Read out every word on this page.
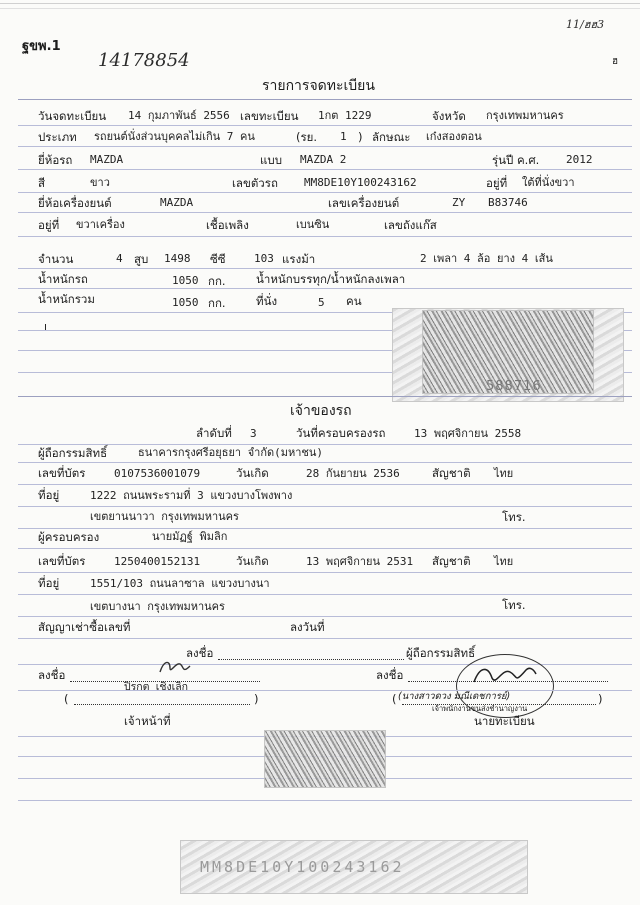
ฐขพ.1
14178854
11/ฮฮ3
ฮ
รายการจดทะเบียน
วันจดทะเบียน 14 กุมภาพันธ์ 2556 เลขทะเบียน 1กต 1229	จังหวัด กรุงเทพมหานคร
ประเภท รถยนต์นั่งส่วนบุคคลไม่เกิน 7 คน	(รย. 1 ) ลักษณะ เก๋งสองตอน
ยี่ห้อรถ MAZDA	แบบ MAZDA 2	รุ่นปี ค.ศ. 2012
สี	ขาว	เลขตัวรถ MM8DE10Y100243162	อยู่ที่ ใต้ที่นั่งขวา
ยี่ห้อเครื่องยนต์	MAZDA	เลขเครื่องยนต์	ZY B83746
อยู่ที่ ขวาเครื่อง	เชื้อเพลิง	เบนซิน	เลขถังแก๊ส
จำนวน	4 สูบ 1498 ซีซี	103 แรงม้า	2 เพลา 4 ล้อ ยาง 4 เส้น
น้ำหนักรถ	1050 กก.	น้ำหนักบรรทุก/น้ำหนักลงเพลา
น้ำหนักรวม	1050 กก.	ที่นั่ง	5 คน
I
588716
เจ้าของรถ
ลำดับที่ 3	วันที่ครอบครองรถ	13 พฤศจิกายน 2558
ผู้ถือกรรมสิทธิ์	ธนาคารกรุงศรีอยุธยา จำกัด(มหาชน)
เลขที่บัตร	0107536001079	วันเกิด	28 กันยายน 2536	สัญชาติ ไทย
ที่อยู่	1222 ถนนพระรามที่ 3 แขวงบางโพงพาง
เขตยานนาวา กรุงเทพมหานคร	โทร.
ผู้ครอบครอง	นายมัฏฐ์ พิมลิก
เลขที่บัตร	1250400152131	วันเกิด	13 พฤศจิกายน 2531 สัญชาติ ไทย
ที่อยู่	1551/103 ถนนลาซาล แขวงบางนา
เขตบางนา กรุงเทพมหานคร	โทร.
สัญญาเช่าซื้อเลขที่	ลงวันที่
ลงชื่อ	ผู้ถือกรรมสิทธิ์
ลงชื่อ
ปิรกต เชิงเลิก
ลงชื่อ
(	)	( (นางสาวดวง มณีเดชการย์)	)
เจ้าพนักงานขนส่งชำนาญงาน
เจ้าหน้าที่	นายทะเบียน
MM8DE10Y100243162
